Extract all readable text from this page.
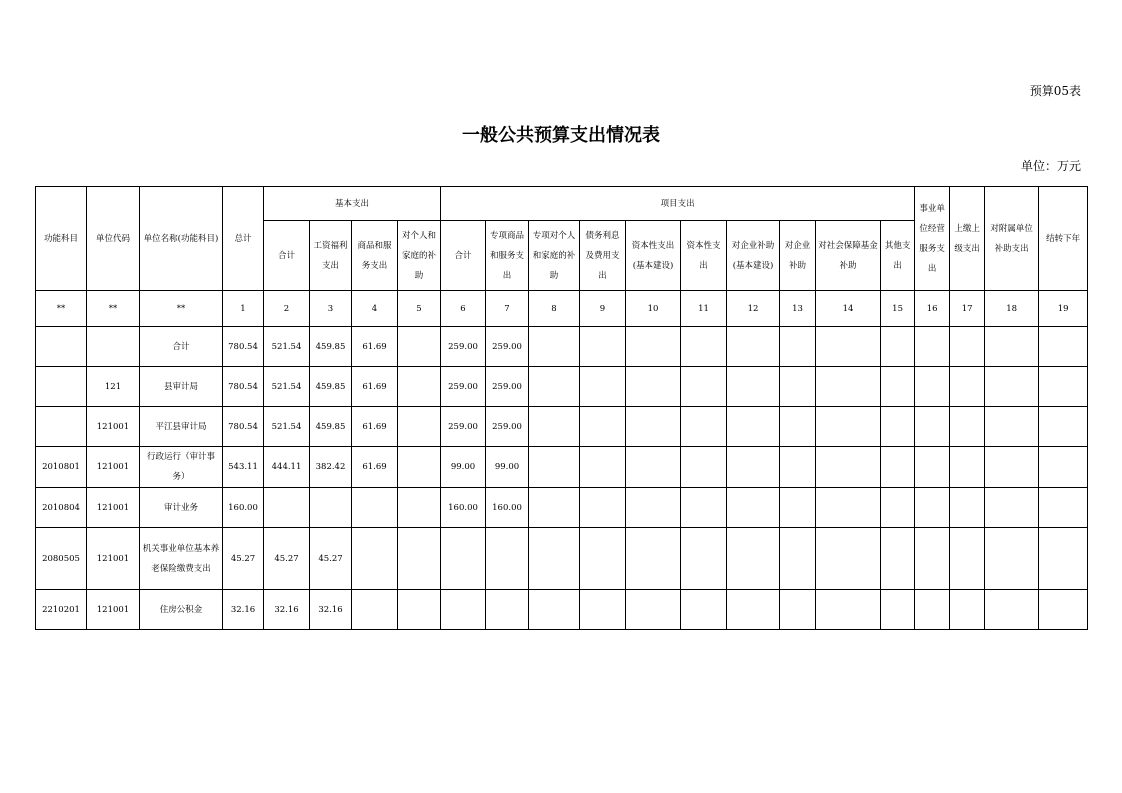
预算05表
一般公共预算支出情况表
单位：万元
功能科目	单位代码	单位名称(功能科目)	总计	基本支出				项目支出										事业单位经营服务支出	上缴上级支出	对附属单位补助支出	结转下年
				合计	工资福利支出	商品和服务支出	对个人和家庭的补助	合计	专项商品和服务支出	专项对个人和家庭的补助	债务利息及费用支出	资本性支出(基本建设)	资本性支出	对企业补助(基本建设)	对企业补助	对社会保障基金补助	其他支出				
**	**	**	1	2	3	4	5	6	7	8	9	10	11	12	13	14	15	16	17	18	19
		合计	780.54	521.54	459.85	61.69		259.00	259.00												
	121	县审计局	780.54	521.54	459.85	61.69		259.00	259.00												
	121001	平江县审计局	780.54	521.54	459.85	61.69		259.00	259.00												
2010801	121001	行政运行（审计事务）	543.11	444.11	382.42	61.69		99.00	99.00												
2010804	121001	审计业务	160.00					160.00	160.00												
2080505	121001	机关事业单位基本养老保险缴费支出	45.27	45.27	45.27																
2210201	121001	住房公积金	32.16	32.16	32.16																
